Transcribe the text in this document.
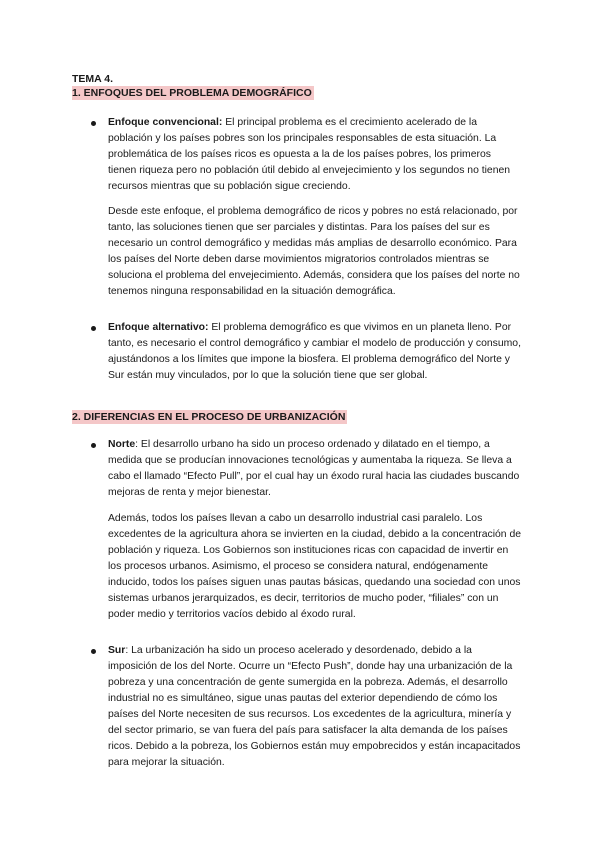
TEMA 4.

1. ENFOQUES DEL PROBLEMA DEMOGRÁFICO

Enfoque convencional: El principal problema es el crecimiento acelerado de la población y los países pobres son los principales responsables de esta situación. La problemática de los países ricos es opuesta a la de los países pobres, los primeros tienen riqueza pero no población útil debido al envejecimiento y los segundos no tienen recursos mientras que su población sigue creciendo.
Desde este enfoque, el problema demográfico de ricos y pobres no está relacionado, por tanto, las soluciones tienen que ser parciales y distintas. Para los países del sur es necesario un control demográfico y medidas más amplias de desarrollo económico. Para los países del Norte deben darse movimientos migratorios controlados mientras se soluciona el problema del envejecimiento. Además, considera que los países del norte no tenemos ninguna responsabilidad en la situación demográfica.
Enfoque alternativo: El problema demográfico es que vivimos en un planeta lleno. Por tanto, es necesario el control demográfico y cambiar el modelo de producción y consumo, ajustándonos a los límites que impone la biosfera. El problema demográfico del Norte y Sur están muy vinculados, por lo que la solución tiene que ser global.

2. DIFERENCIAS EN EL PROCESO DE URBANIZACIÓN

Norte: El desarrollo urbano ha sido un proceso ordenado y dilatado en el tiempo, a medida que se producían innovaciones tecnológicas y aumentaba la riqueza. Se lleva a cabo el llamado “Efecto Pull”, por el cual hay un éxodo rural hacia las ciudades buscando mejoras de renta y mejor bienestar.
Además, todos los países llevan a cabo un desarrollo industrial casi paralelo. Los excedentes de la agricultura ahora se invierten en la ciudad, debido a la concentración de población y riqueza. Los Gobiernos son instituciones ricas con capacidad de invertir en los procesos urbanos. Asimismo, el proceso se considera natural, endógenamente inducido, todos los países siguen unas pautas básicas, quedando una sociedad con unos sistemas urbanos jerarquizados, es decir, territorios de mucho poder, “filiales” con un poder medio y territorios vacíos debido al éxodo rural.
Sur: La urbanización ha sido un proceso acelerado y desordenado, debido a la imposición de los del Norte. Ocurre un “Efecto Push”, donde hay una urbanización de la pobreza y una concentración de gente sumergida en la pobreza. Además, el desarrollo industrial no es simultáneo, sigue unas pautas del exterior dependiendo de cómo los países del Norte necesiten de sus recursos. Los excedentes de la agricultura, minería y del sector primario, se van fuera del país para satisfacer la alta demanda de los países ricos. Debido a la pobreza, los Gobiernos están muy empobrecidos y están incapacitados para mejorar la situación.
